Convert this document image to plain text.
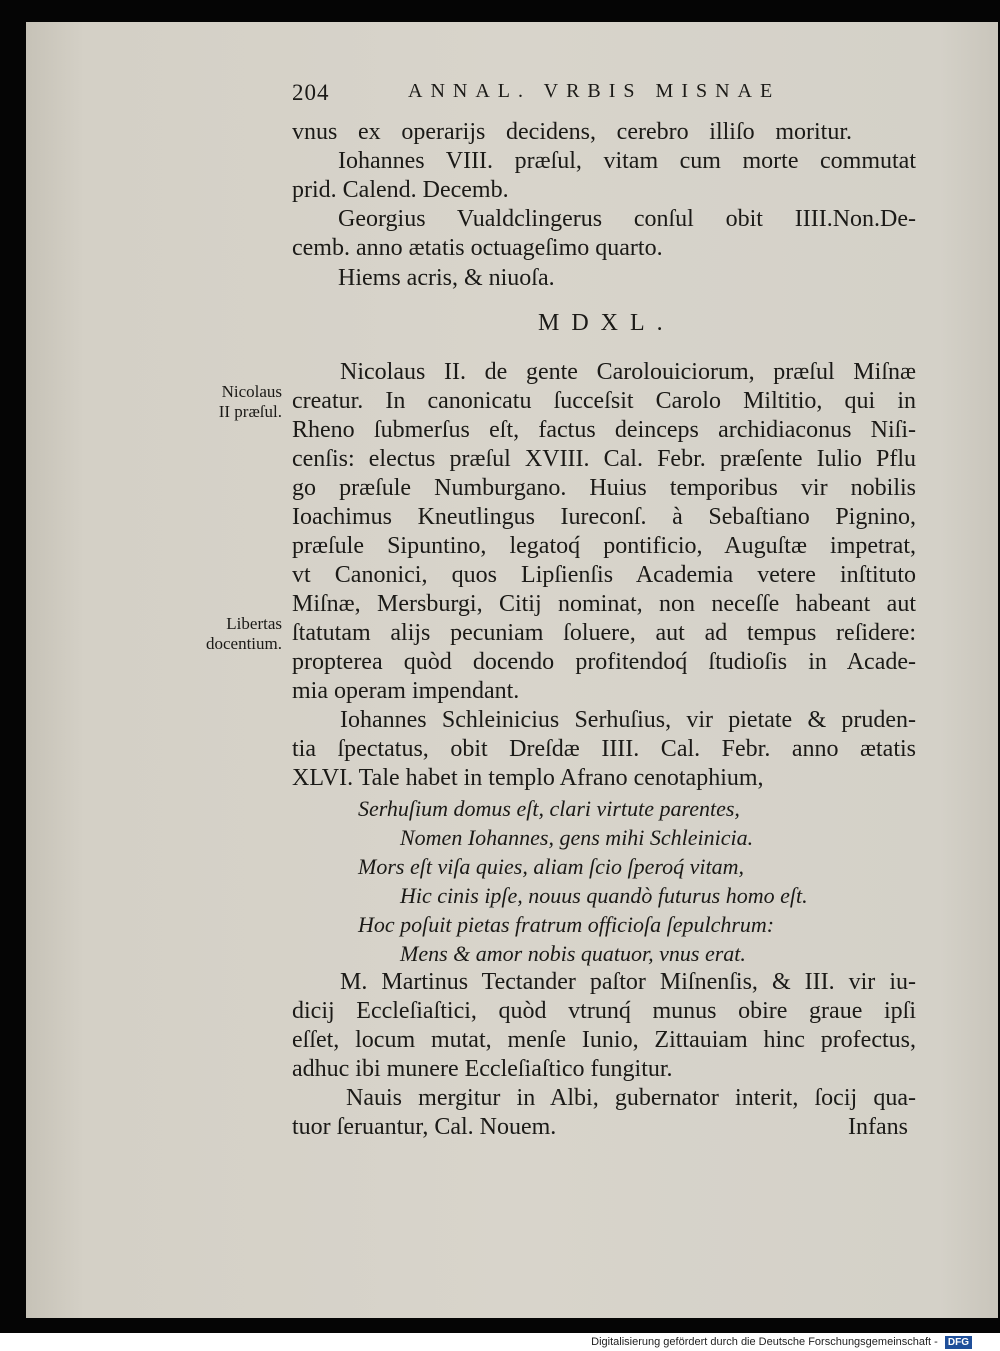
204	ANNAL. VRBIS MISNAE
Nicolaus
II præſul.
Libertas
docentium.
vnus ex operarijs decidens, cerebro illiſo moritur.
Iohannes VIII. præſul, vitam cum morte commutat
prid. Calend. Decemb.
Georgius Vualdclingerus conſul obit IIII.Non.De-
cemb. anno ætatis octuageſimo quarto.
Hiems acris, & niuoſa.
MDXL.
Nicolaus II. de gente Carolouiciorum, præſul Miſnæ
creatur. In canonicatu ſucceſsit Carolo Miltitio, qui in
Rheno ſubmerſus eſt, factus deinceps archidiaconus Niſi-
cenſis: electus præſul XVIII. Cal. Febr. præſente Iulio Pflu
go præſule Numburgano. Huius temporibus vir nobilis
Ioachimus Kneutlingus Iureconſ. à Sebaſtiano Pignino,
præſule Sipuntino, legatoq́ pontificio, Auguſtæ impetrat,
vt Canonici, quos Lipſienſis Academia vetere inſtituto
Miſnæ, Mersburgi, Citij nominat, non neceſſe habeant aut
ſtatutam alijs pecuniam ſoluere, aut ad tempus reſidere:
propterea quòd docendo profitendoq́ ſtudioſis in Acade-
mia operam impendant.
Iohannes Schleinicius Serhuſius, vir pietate & pruden-
tia ſpectatus, obit Dreſdæ IIII. Cal. Febr. anno ætatis
XLVI. Tale habet in templo Afrano cenotaphium,
Serhuſium domus eſt, clari virtute parentes,
Nomen Iohannes, gens mihi Schleinicia.
Mors eſt viſa quies, aliam ſcio ſperoq́ vitam,
Hic cinis ipſe, nouus quandò futurus homo eſt.
Hoc poſuit pietas fratrum officioſa ſepulchrum:
Mens & amor nobis quatuor, vnus erat.
M. Martinus Tectander paſtor Miſnenſis, & III. vir iu-
dicij Eccleſiaſtici, quòd vtrunq́ munus obire graue ipſi
eſſet, locum mutat, menſe Iunio, Zittauiam hinc profectus,
adhuc ibi munere Eccleſiaſtico fungitur.
Nauis mergitur in Albi, gubernator interit, ſocij qua-
tuor ſeruantur, Cal. Nouem.	Infans
Digitalisierung gefördert durch die Deutsche Forschungsgemeinschaft - DFG
